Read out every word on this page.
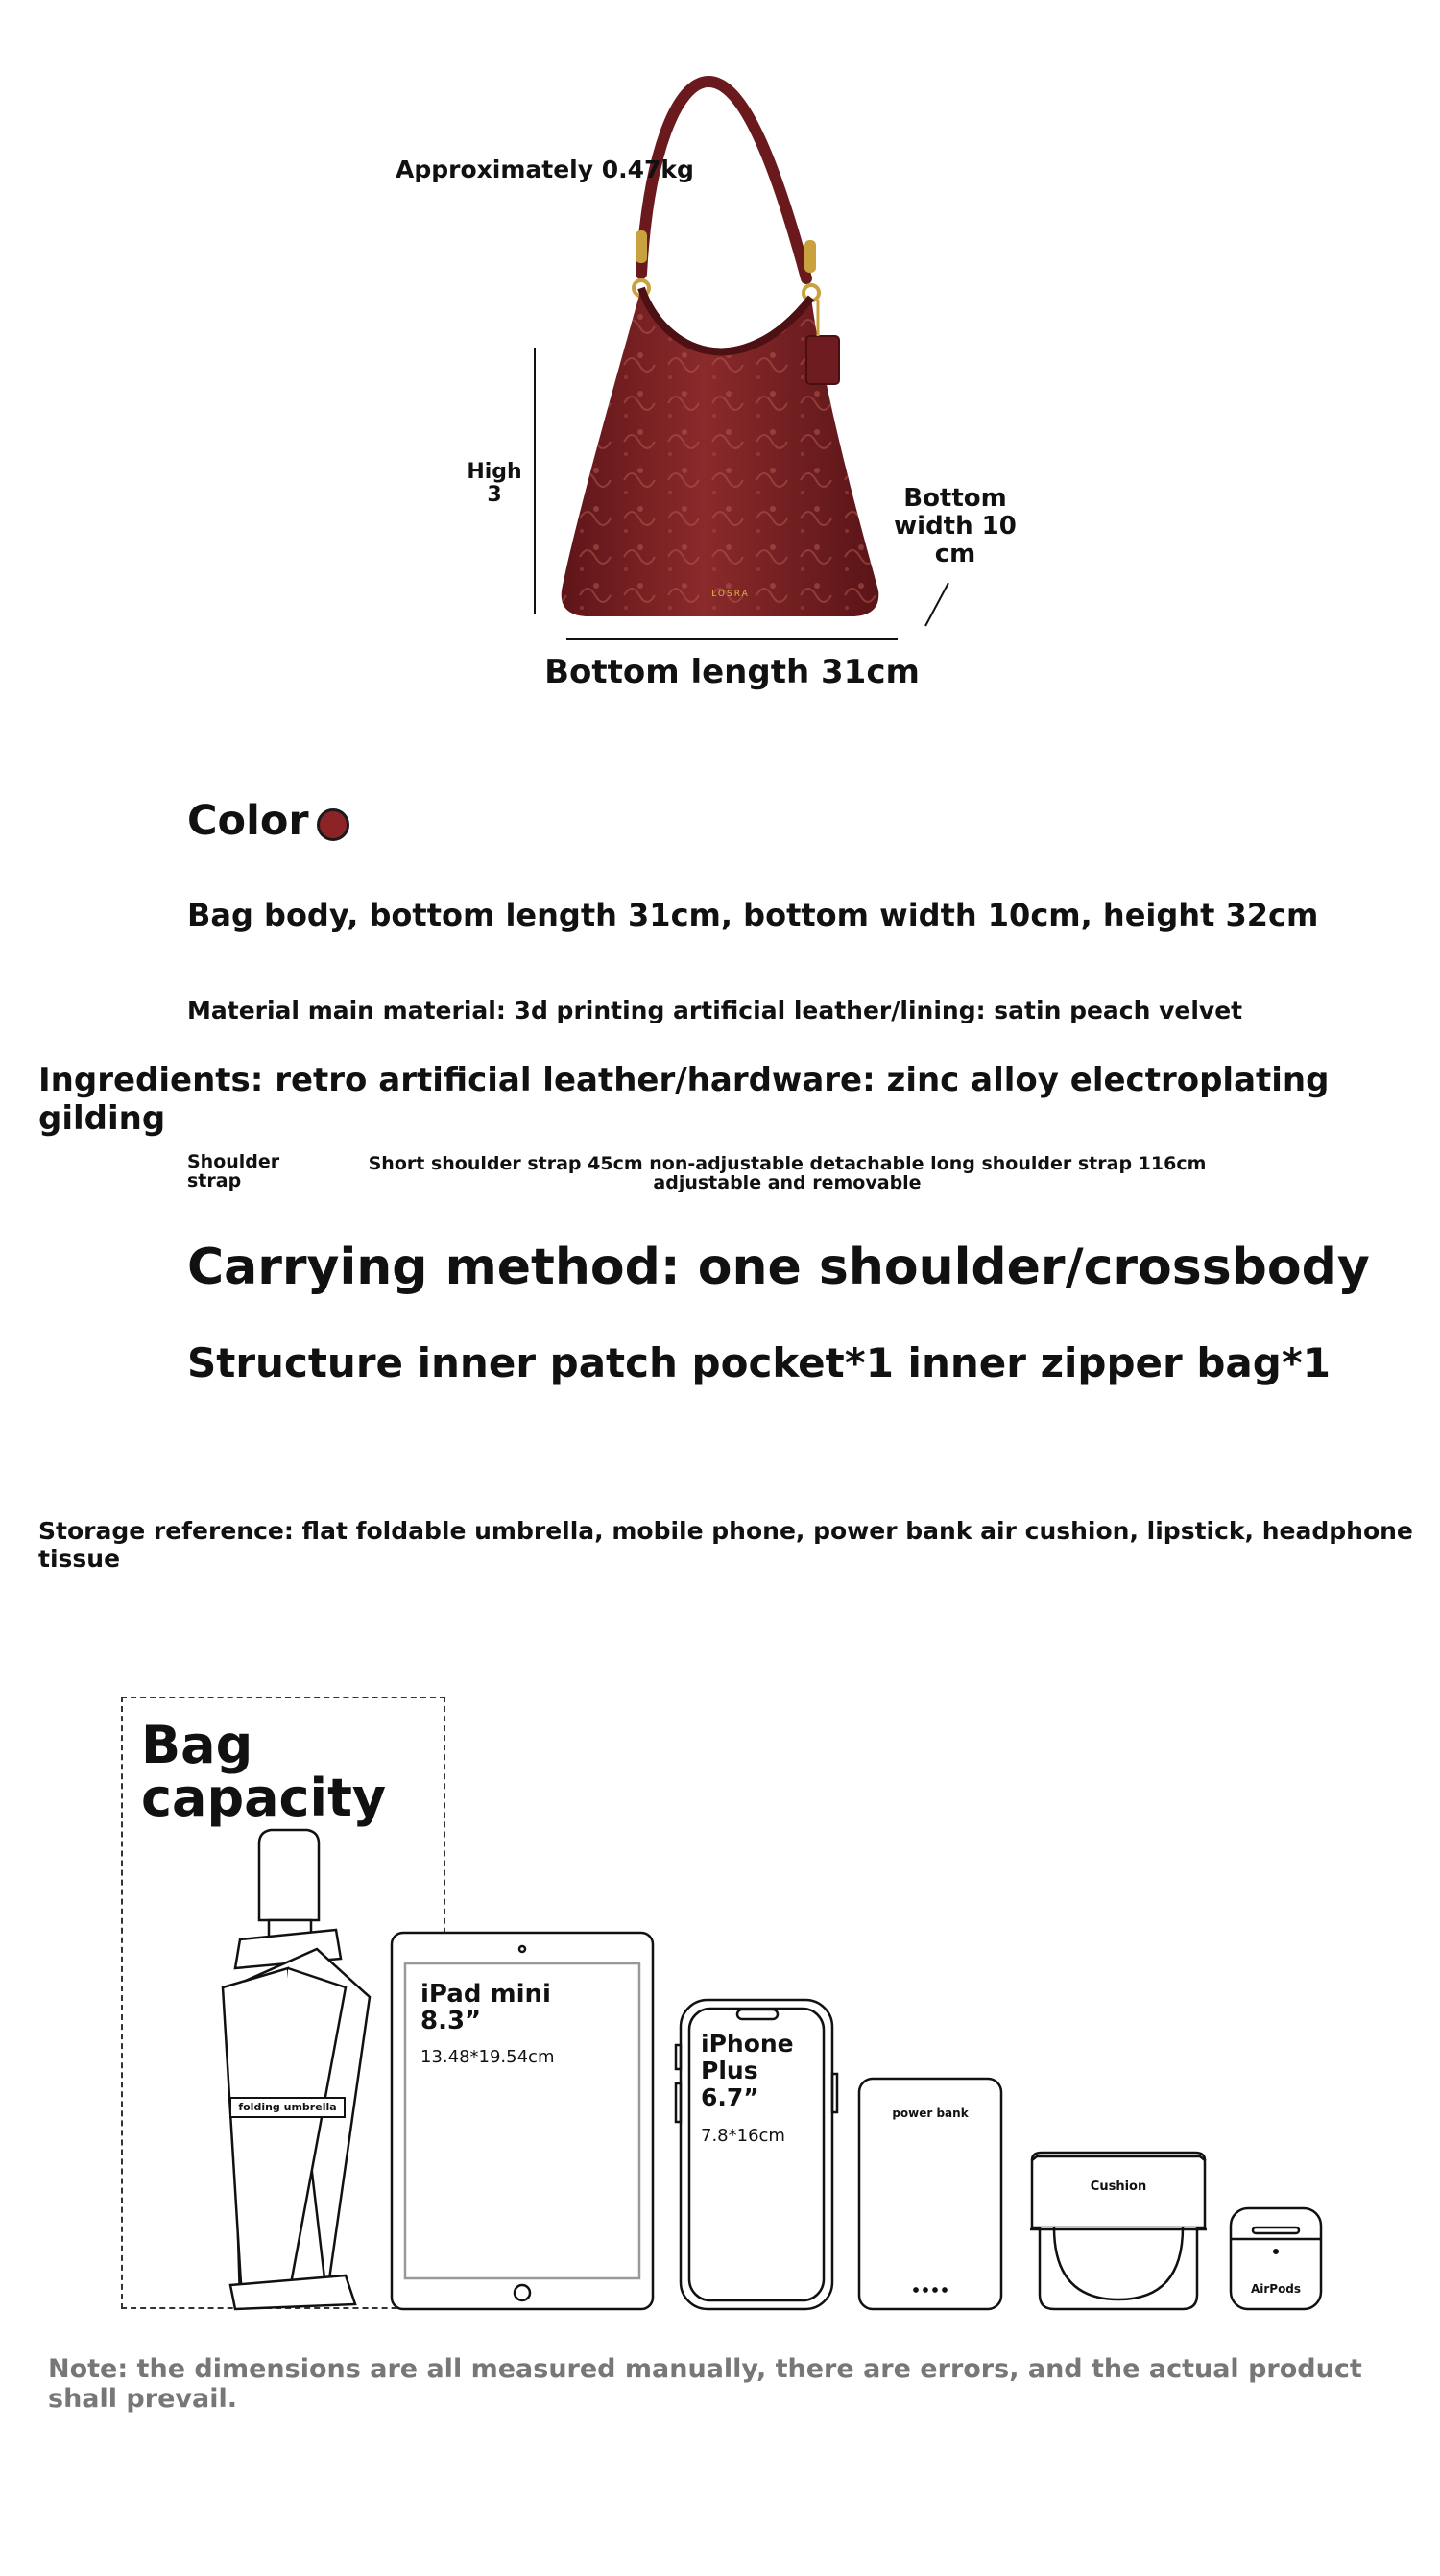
LOSRA
Approximately 0.47kg
High
3	Bottom
width 10
cm
Bottom length 31cm
Color
Bag body, bottom length 31cm, bottom width 10cm, height 32cm
Material main material: 3d printing artificial leather/lining: satin peach velvet
Ingredients: retro artificial leather/hardware: zinc alloy electroplating gilding
Shoulder strap
Short shoulder strap 45cm non-adjustable detachable long shoulder strap 116cm adjustable and removable
Carrying method: one shoulder/crossbody
Structure inner patch pocket*1 inner zipper bag*1
Storage reference: flat foldable umbrella, mobile phone, power bank air cushion, lipstick, headphone tissue
Bag
capacity
folding umbrella
iPad mini
8.3”
13.48*19.54cm	iPhone
Plus
6.7”
7.8*16cm
power bank
Cushion
AirPods
Note: the dimensions are all measured manually, there are errors, and the actual product shall prevail.
